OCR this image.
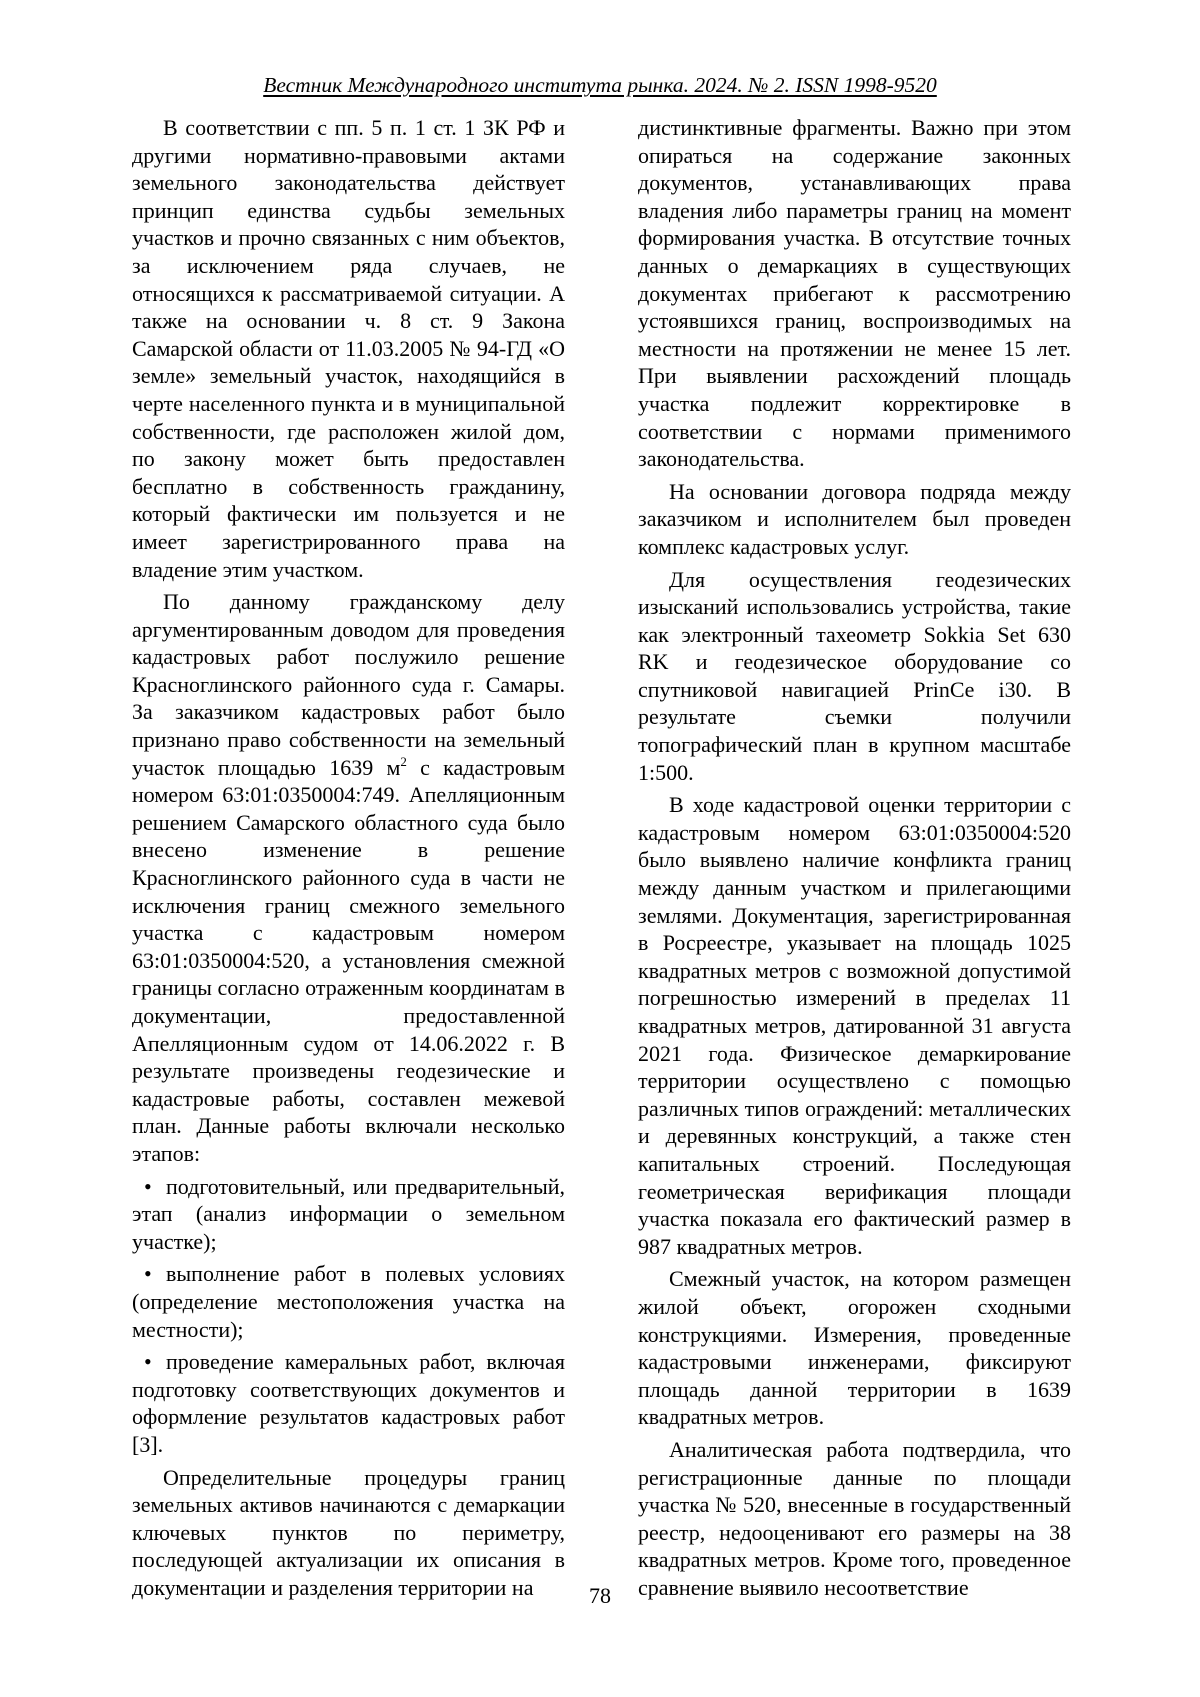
Вестник Международного института рынка. 2024. № 2. ISSN 1998-9520

В соответствии с пп. 5 п. 1 ст. 1 ЗК РФ и другими нормативно-правовыми актами земельного законодательства действует принцип единства судьбы земельных участков и прочно связанных с ним объектов, за исключением ряда случаев, не относящихся к рассматриваемой ситуации. А также на основании ч. 8 ст. 9 Закона Самарской области от 11.03.2005 № 94-ГД «О земле» земельный участок, находящийся в черте населенного пункта и в муниципальной собственности, где расположен жилой дом, по закону может быть предоставлен бесплатно в собственность гражданину, который фактически им пользуется и не имеет зарегистрированного права на владение этим участком.

По данному гражданскому делу аргументированным доводом для проведения кадастровых работ послужило решение Красноглинского районного суда г. Самары. За заказчиком кадастровых работ было признано право собственности на земельный участок площадью 1639 $м^2$ с кадастровым номером 63:01:0350004:749. Апелляционным решением Самарского областного суда было внесено изменение в решение Красноглинского районного суда в части не исключения границ смежного земельного участка с кадастровым номером 63:01:0350004:520, а установления смежной границы согласно отраженным координатам в документации, предоставленной Апелляционным судом от 14.06.2022 г. В результате произведены геодезические и кадастровые работы, составлен межевой план. Данные работы включали несколько этапов:

• подготовительный, или предварительный, этап (анализ информации о земельном участке);
• выполнение работ в полевых условиях (определение местоположения участка на местности);
• проведение камеральных работ, включая подготовку соответствующих документов и оформление результатов кадастровых работ [3].

Определительные процедуры границ земельных активов начинаются с демаркации ключевых пунктов по периметру, последующей актуализации их описания в документации и разделения территории на

дистинктивные фрагменты. Важно при этом опираться на содержание законных документов, устанавливающих права владения либо параметры границ на момент формирования участка. В отсутствие точных данных о демаркациях в существующих документах прибегают к рассмотрению устоявшихся границ, воспроизводимых на местности на протяжении не менее 15 лет. При выявлении расхождений площадь участка подлежит корректировке в соответствии с нормами применимого законодательства.

На основании договора подряда между заказчиком и исполнителем был проведен комплекс кадастровых услуг.

Для осуществления геодезических изысканий использовались устройства, такие как электронный тахеометр Sokkia Set 630 RK и геодезическое оборудование со спутниковой навигацией PrinCe i30. В результате съемки получили топографический план в крупном масштабе 1:500.

В ходе кадастровой оценки территории с кадастровым номером 63:01:0350004:520 было выявлено наличие конфликта границ между данным участком и прилегающими землями. Документация, зарегистрированная в Росреестре, указывает на площадь 1025 квадратных метров с возможной допустимой погрешностью измерений в пределах 11 квадратных метров, датированной 31 августа 2021 года. Физическое демаркирование территории осуществлено с помощью различных типов ограждений: металлических и деревянных конструкций, а также стен капитальных строений. Последующая геометрическая верификация площади участка показала его фактический размер в 987 квадратных метров.

Смежный участок, на котором размещен жилой объект, огорожен сходными конструкциями. Измерения, проведенные кадастровыми инженерами, фиксируют площадь данной территории в 1639 квадратных метров.

Аналитическая работа подтвердила, что регистрационные данные по площади участка № 520, внесенные в государственный реестр, недооценивают его размеры на 38 квадратных метров. Кроме того, проведенное сравнение выявило несоответствие

78
